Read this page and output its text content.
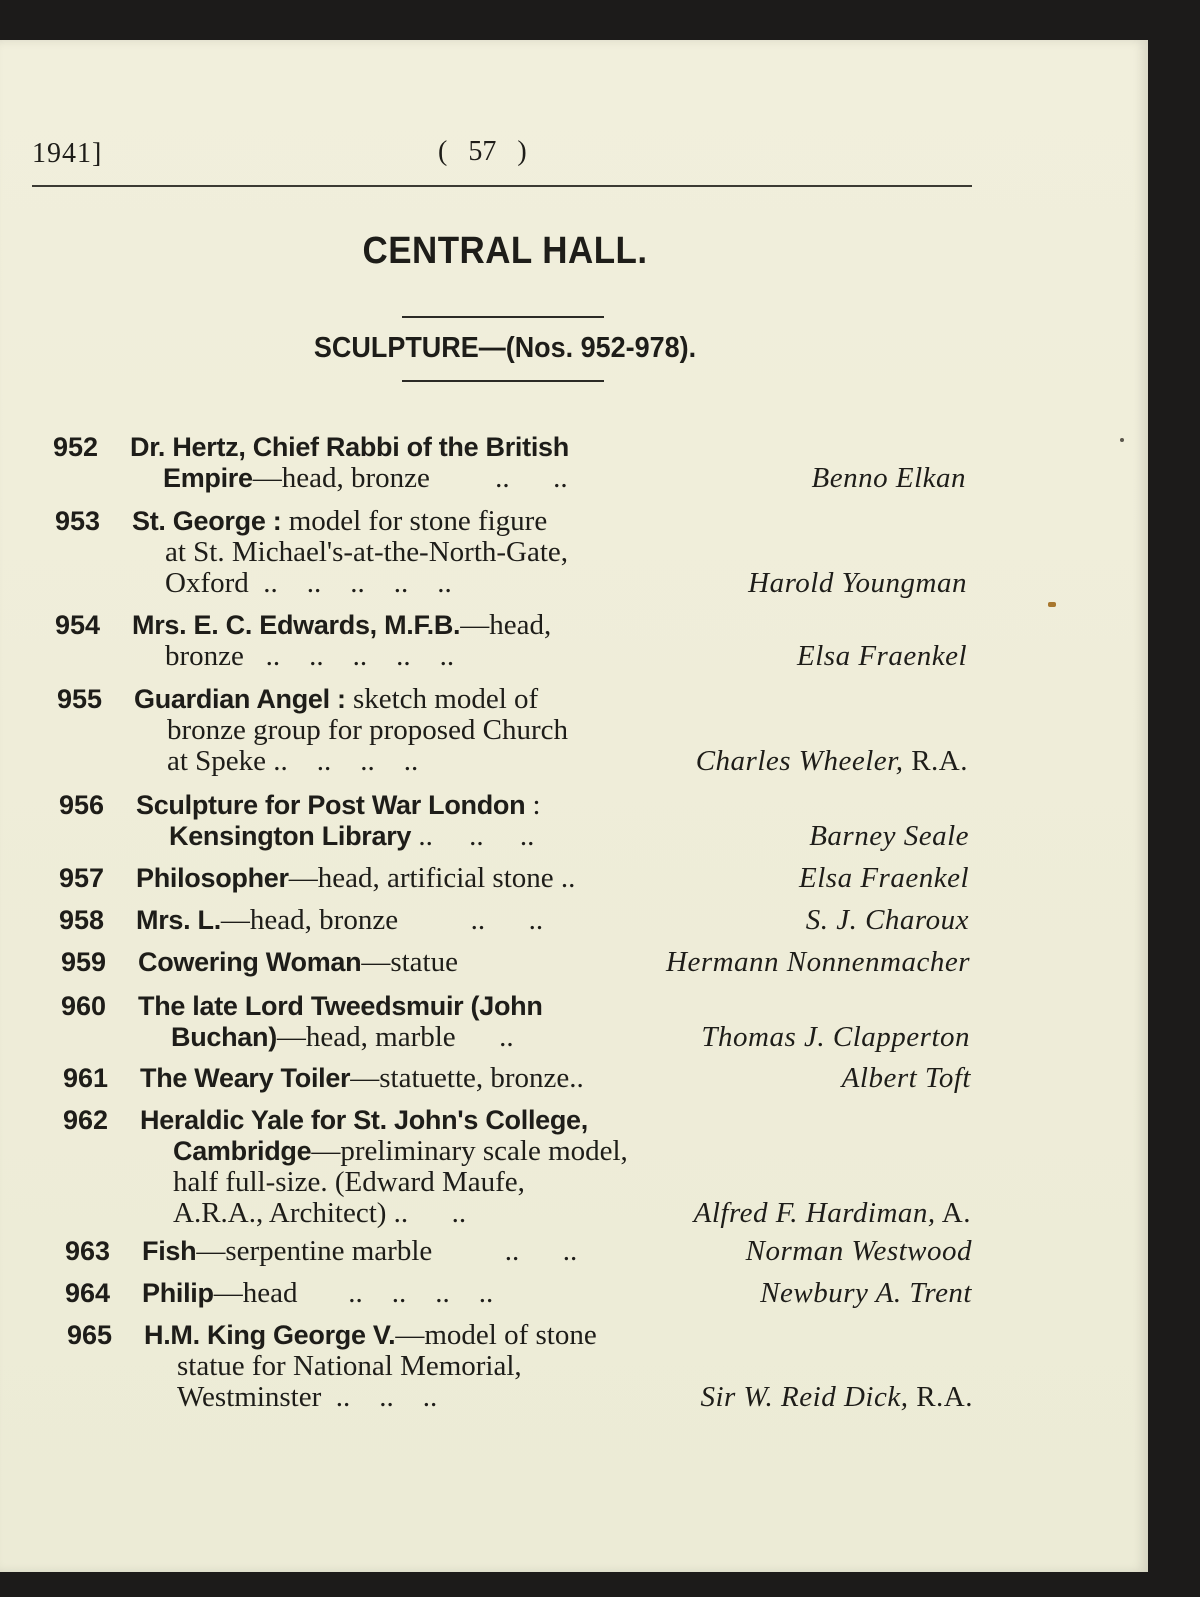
1941]	( 57 )
CENTRAL HALL.
SCULPTURE—(Nos. 952-978).
952 Dr. Hertz, Chief Rabbi of the British
Empire—head, bronze         ..      ..	Benno Elkan
953 St. George : model for stone figure
at St. Michael's-at-the-North-Gate,
Oxford  ..    ..    ..    ..    ..	Harold Youngman
954 Mrs. E. C. Edwards, M.F.B.—head,
bronze   ..    ..    ..    ..    ..	Elsa Fraenkel
955 Guardian Angel : sketch model of
bronze group for proposed Church
at Speke ..    ..    ..    ..	Charles Wheeler, R.A.
956 Sculpture for Post War London :
Kensington Library ..     ..     ..	Barney Seale
957 Philosopher—head, artificial stone ..	Elsa Fraenkel
958 Mrs. L.—head, bronze          ..      ..	S. J. Charoux
959 Cowering Woman—statue	Hermann Nonnenmacher
960 The late Lord Tweedsmuir (John
Buchan)—head, marble      ..	Thomas J. Clapperton
961 The Weary Toiler—statuette, bronze..	Albert Toft
962 Heraldic Yale for St. John's College,
Cambridge—preliminary scale model,
half full-size. (Edward Maufe,
A.R.A., Architect) ..      ..	Alfred F. Hardiman, A.
963 Fish—serpentine marble          ..      ..	Norman Westwood
964 Philip—head       ..    ..    ..    ..	Newbury A. Trent
965 H.M. King George V.—model of stone
statue for National Memorial,
Westminster  ..    ..    ..	Sir W. Reid Dick, R.A.
